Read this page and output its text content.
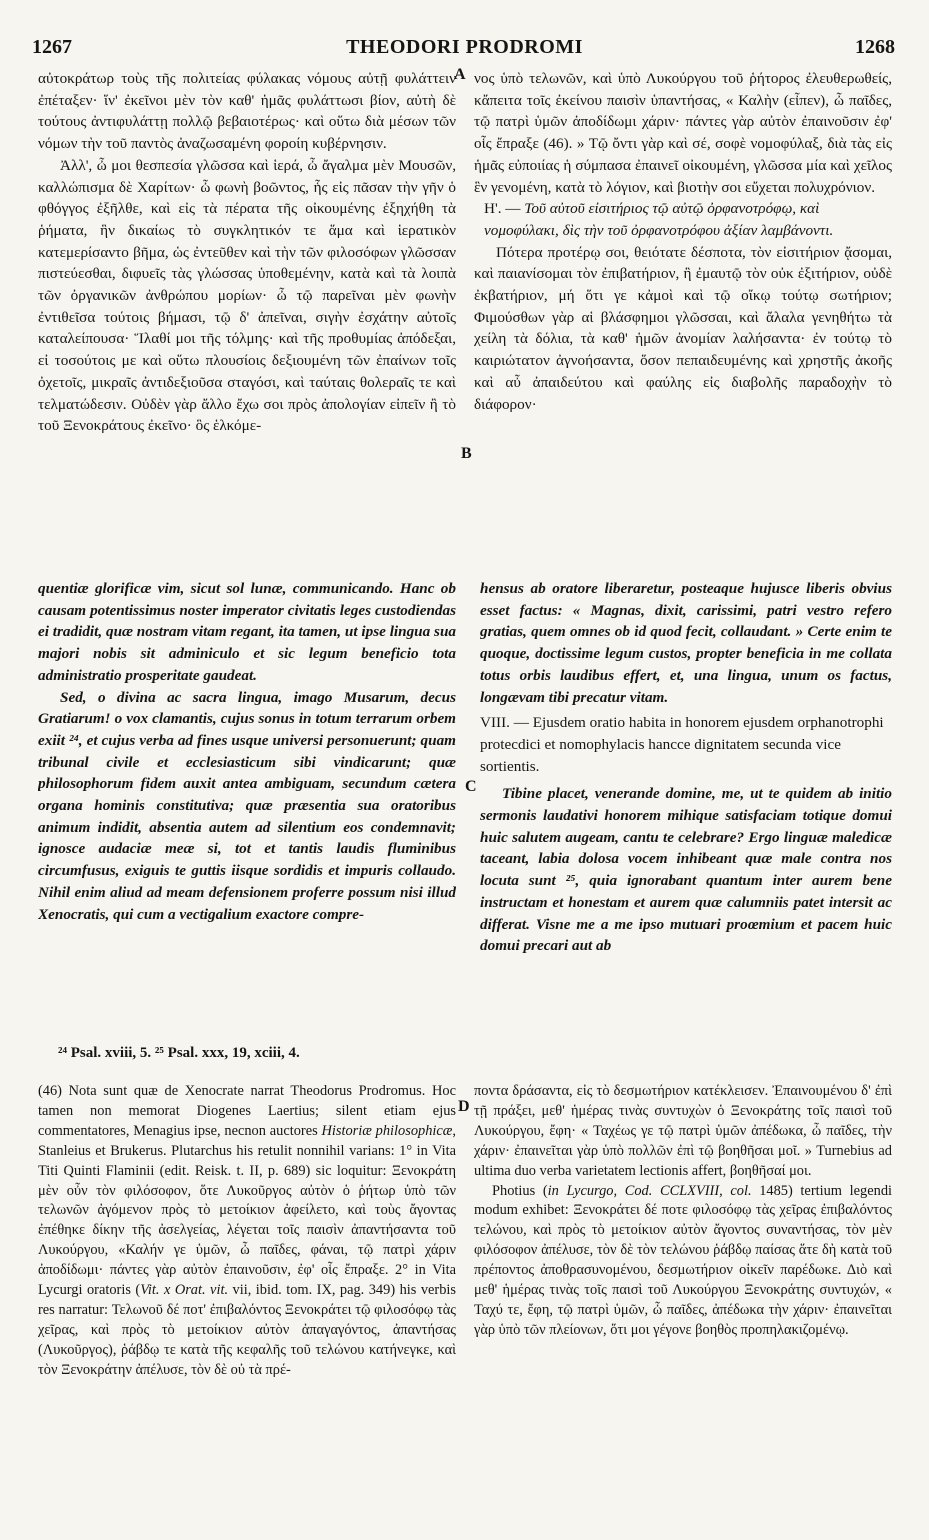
1267	THEODORI PRODROMI	1268

αὐτοκράτωρ τοὺς τῆς πολιτείας φύλακας νόμους αὐτῇ φυλάττειν ἐπέταξεν· ἵν' ἐκεῖνοι μὲν τὸν καθ' ἡμᾶς φυλάττωσι βίον, αὐτὴ δὲ τούτους ἀντιφυλάττῃ πολλῷ βεβαιοτέρως· καὶ οὕτω διὰ μέσων τῶν νόμων τὴν τοῦ παντὸς ἀναζωσαμένη φοροίη κυβέρνησιν.

Ἀλλ', ὦ μοι θεσπεσία γλῶσσα καὶ ἱερά, ὦ ἄγαλμα μὲν Μουσῶν, καλλώπισμα δὲ Χαρίτων· ὦ φωνὴ βοῶντος, ἧς εἰς πᾶσαν τὴν γῆν ὁ φθόγγος ἐξῆλθε, καὶ εἰς τὰ πέρατα τῆς οἰκουμένης ἐξηχήθη τὰ ῥήματα, ἣν δικαίως τὸ συγκλητικόν τε ἅμα καὶ ἱερατικὸν κατεμερίσαντο βῆμα, ὡς ἐντεῦθεν καὶ τὴν τῶν φιλοσόφων γλῶσσαν πιστεύεσθαι, διφυεῖς τὰς γλώσσας ὑποθεμένην, κατὰ καὶ τὰ λοιπὰ τῶν ὀργανικῶν ἀνθρώπου μορίων· ὦ τῷ παρεῖναι μὲν φωνὴν ἐντιθεῖσα τούτοις βήμασι, τῷ δ' ἀπεῖναι, σιγὴν ἐσχάτην αὐτοῖς καταλείπουσα· Ἵλαθί μοι τῆς τόλμης· καὶ τῆς προθυμίας ἀπόδεξαι, εἰ τοσούτοις με καὶ οὕτω πλουσίοις δεξιουμένη τῶν ἐπαίνων τοῖς ὀχετοῖς, μικραῖς ἀντιδεξιοῦσα σταγόσι, καὶ ταύταις θολεραῖς τε καὶ τελματώδεσιν. Οὐδὲν γὰρ ἄλλο ἔχω σοι πρὸς ἀπολογίαν εἰπεῖν ἢ τὸ τοῦ Ξενοκράτους ἐκεῖνο· ὃς ἑλκόμε-

A
B

νος ὑπὸ τελωνῶν, καὶ ὑπὸ Λυκούργου τοῦ ῥήτορος ἐλευθερωθείς, κἄπειτα τοῖς ἐκείνου παισὶν ὑπαντήσας, « Καλὴν (εἶπεν), ὦ παῖδες, τῷ πατρὶ ὑμῶν ἀποδίδωμι χάριν· πάντες γὰρ αὐτὸν ἐπαινοῦσιν ἐφ' οἷς ἔπραξε (46). » Τῷ ὄντι γὰρ καὶ σέ, σοφὲ νομοφύλαξ, διὰ τὰς εἰς ἡμᾶς εὐποιίας ἡ σύμπασα ἐπαινεῖ οἰκουμένη, γλῶσσα μία καὶ χεῖλος ἓν γενομένη, κατὰ τὸ λόγιον, καὶ βιοτὴν σοι εὔχεται πολυχρόνιον.

Η'. — Τοῦ αὐτοῦ εἰσιτήριος τῷ αὐτῷ ὀρφανοτρόφῳ, καὶ νομοφύλακι, δὶς τὴν τοῦ ὀρφανοτρόφου ἀξίαν λαμβάνοντι.

Πότερα προτέρῳ σοι, θειότατε δέσποτα, τὸν εἰσιτήριον ᾄσομαι, καὶ παιανίσομαι τὸν ἐπιβατήριον, ἢ ἐμαυτῷ τὸν οὐκ ἐξιτήριον, οὐδὲ ἐκβατήριον, μή ὅτι γε κἀμοὶ καὶ τῷ οἴκῳ τούτῳ σωτήριον; Φιμούσθων γὰρ αἱ βλάσφημοι γλῶσσαι, καὶ ἄλαλα γενηθήτω τὰ χείλη τὰ δόλια, τὰ καθ' ἡμῶν ἀνομίαν λαλήσαντα· ἐν τούτῳ τὸ καιριώτατον ἀγνοήσαντα, ὅσον πεπαιδευμένης καὶ χρηστῆς ἀκοῆς καὶ αὖ ἀπαιδεύτου καὶ φαύλης εἰς διαβολῆς παραδοχὴν τὸ διάφορον·

quentiæ glorificæ vim, sicut sol lunæ, communicando. Hanc ob causam potentissimus noster imperator civitatis leges custodiendas ei tradidit, quæ nostram vitam regant, ita tamen, ut ipse lingua sua majori nobis sit adminiculo et sic legum beneficio tota administratio prosperitate gaudeat.

Sed, o divina ac sacra lingua, imago Musarum, decus Gratiarum! o vox clamantis, cujus sonus in totum terrarum orbem exiit ²⁴, et cujus verba ad fines usque universi personuerunt; quam tribunal civile et ecclesiasticum sibi vindicarunt; quæ philosophorum fidem auxit antea ambiguam, secundum cætera organa hominis constitutiva; quæ præsentia sua oratoribus animum indidit, absentia autem ad silentium eos condemnavit; ignosce audaciæ meæ si, tot et tantis laudis fluminibus circumfusus, exiguis te guttis iisque sordidis et impuris collaudo. Nihil enim aliud ad meam defensionem proferre possum nisi illud Xenocratis, qui cum a vectigalium exactore compre-

C

hensus ab oratore liberaretur, posteaque hujusce liberis obvius esset factus: « Magnas, dixit, carissimi, patri vestro refero gratias, quem omnes ob id quod fecit, collaudant. » Certe enim te quoque, doctissime legum custos, propter beneficia in me collata totus orbis laudibus effert, et, una lingua, unum os factus, longævam tibi precatur vitam.

VIII. — Ejusdem oratio habita in honorem ejusdem orphanotrophi protecdici et nomophylacis hancce dignitatem secunda vice sortientis.

Tibine placet, venerande domine, me, ut te quidem ab initio sermonis laudativi honorem mihique satisfaciam totique domui huic salutem augeam, cantu te celebrare? Ergo linguæ maledicæ taceant, labia dolosa vocem inhibeant quæ male contra nos locuta sunt ²⁵, quia ignorabant quantum inter aurem bene instructam et honestam et aurem quæ calumniis patet intersit ac differat. Visne me a me ipso mutuari proœmium et pacem huic domui precari aut ab

²⁴ Psal. xviii, 5. ²⁵ Psal. xxx, 19, xciii, 4.

(46) Nota sunt quæ de Xenocrate narrat Theodorus Prodromus. Hoc tamen non memorat Diogenes Laertius; silent etiam ejus commentatores, Menagius ipse, necnon auctores Historiæ philosophicæ, Stanleius et Brukerus. Plutarchus his retulit nonnihil varians: 1° in Vita Titi Quinti Flaminii (edit. Reisk. t. II, p. 689) sic loquitur: Ξενοκράτη μὲν οὖν τὸν φιλόσοφον, ὅτε Λυκοῦργος αὐτὸν ὁ ῥήτωρ ὑπὸ τῶν τελωνῶν ἀγόμενον πρὸς τὸ μετοίκιον ἀφείλετο, καὶ τοὺς ἄγοντας ἐπέθηκε δίκην τῆς ἀσελγείας, λέγεται τοῖς παισὶν ἀπαντήσαντα τοῦ Λυκούργου, «Καλήν γε ὑμῶν, ὦ παῖδες, φάναι, τῷ πατρὶ χάριν ἀποδίδωμι· πάντες γὰρ αὐτὸν ἐπαινοῦσιν, ἐφ' οἷς ἔπραξε. 2° in Vita Lycurgi oratoris (Vit. x Orat. vit. vii, ibid. tom. IX, pag. 349) his verbis res narratur: Τελωνοῦ δέ ποτ' ἐπιβαλόντος Ξενοκράτει τῷ φιλοσόφῳ τὰς χεῖρας, καὶ πρὸς τὸ μετοίκιον αὐτὸν ἀπαγαγόντος, ἀπαντήσας (Λυκοῦργος), ῥάβδῳ τε κατὰ τῆς κεφαλῆς τοῦ τελώνου κατήνεγκε, καὶ τὸν Ξενοκράτην ἀπέλυσε, τὸν δὲ οὐ τὰ πρέ-

D

ποντα δράσαντα, εἰς τὸ δεσμωτήριον κατέκλεισεν. Ἐπαινουμένου δ' ἐπὶ τῇ πράξει, μεθ' ἡμέρας τινὰς συντυχὼν ὁ Ξενοκράτης τοῖς παισὶ τοῦ Λυκούργου, ἔφη· « Ταχέως γε τῷ πατρὶ ὑμῶν ἀπέδωκα, ὦ παῖδες, τὴν χάριν· ἐπαινεῖται γὰρ ὑπὸ πολλῶν ἐπὶ τῷ βοηθῆσαι μοῖ. » Turnebius ad ultima duo verba varietatem lectionis affert, βοηθῆσαί μοι.

Photius (in Lycurgo, Cod. CCLXVIII, col. 1485) tertium legendi modum exhibet: Ξενοκράτει δέ ποτε φιλοσόφῳ τὰς χεῖρας ἐπιβαλόντος τελώνου, καὶ πρὸς τὸ μετοίκιον αὐτὸν ἄγοντος συναντήσας, τὸν μὲν φιλόσοφον ἀπέλυσε, τὸν δὲ τὸν τελώνου ῥάβδῳ παίσας ἅτε δὴ κατὰ τοῦ πρέποντος ἀποθρασυνομένου, δεσμωτήριον οἰκεῖν παρέδωκε. Διὸ καὶ μεθ' ἡμέρας τινὰς τοῖς παισὶ τοῦ Λυκούργου Ξενοκράτης συντυχών, « Ταχύ τε, ἔφη, τῷ πατρὶ ὑμῶν, ὦ παῖδες, ἀπέδωκα τὴν χάριν· ἐπαινεῖται γὰρ ὑπὸ τῶν πλείονων, ὅτι μοι γέγονε βοηθὸς προπηλακιζομένῳ.
